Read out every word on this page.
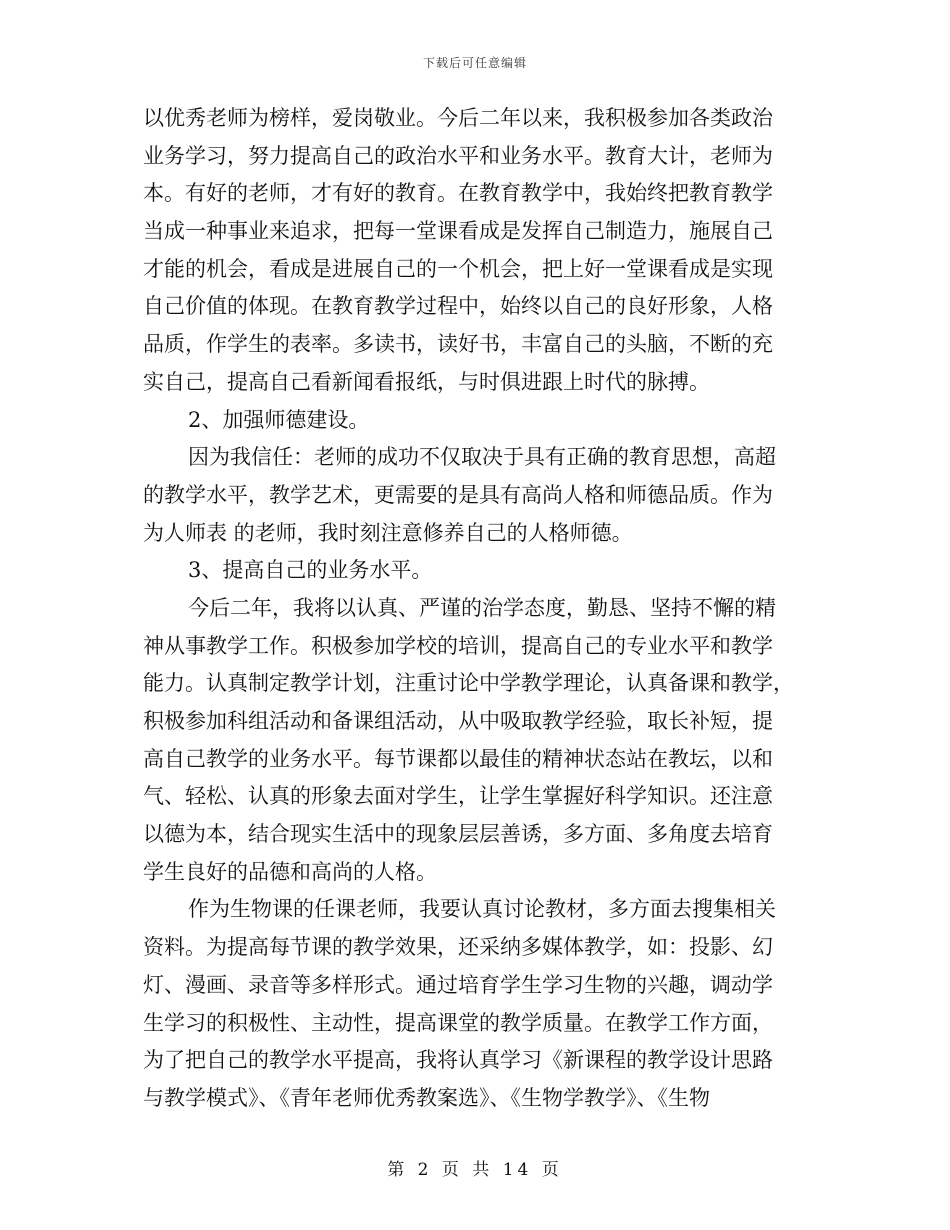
下载后可任意编辑
以优秀老师为榜样，爱岗敬业。今后二年以来，我积极参加各类政治
业务学习，努力提高自己的政治水平和业务水平。教育大计，老师为
本。有好的老师，才有好的教育。在教育教学中，我始终把教育教学
当成一种事业来追求，把每一堂课看成是发挥自己制造力，施展自己
才能的机会，看成是进展自己的一个机会，把上好一堂课看成是实现
自己价值的体现。在教育教学过程中，始终以自己的良好形象，人格
品质，作学生的表率。多读书，读好书，丰富自己的头脑，不断的充
实自己，提高自己看新闻看报纸，与时俱进跟上时代的脉搏。
2、加强师德建设。
因为我信任：老师的成功不仅取决于具有正确的教育思想，高超
的教学水平，教学艺术，更需要的是具有高尚人格和师德品质。作为
为人师表 的老师，我时刻注意修养自己的人格师德。
3、提高自己的业务水平。
今后二年，我将以认真、严谨的治学态度，勤恳、坚持不懈的精
神从事教学工作。积极参加学校的培训，提高自己的专业水平和教学
能力。认真制定教学计划，注重讨论中学教学理论，认真备课和教学，
积极参加科组活动和备课组活动，从中吸取教学经验，取长补短，提
高自己教学的业务水平。每节课都以最佳的精神状态站在教坛，以和
气、轻松、认真的形象去面对学生，让学生掌握好科学知识。还注意
以德为本，结合现实生活中的现象层层善诱，多方面、多角度去培育
学生良好的品德和高尚的人格。
作为生物课的任课老师，我要认真讨论教材，多方面去搜集相关
资料。为提高每节课的教学效果，还采纳多媒体教学，如：投影、幻
灯、漫画、录音等多样形式。通过培育学生学习生物的兴趣，调动学
生学习的积极性、主动性，提高课堂的教学质量。在教学工作方面，
为了把自己的教学水平提高，我将认真学习《新课程的教学设计思路
与教学模式》、《青年老师优秀教案选》、《生物学教学》、《生物
第 2 页 共 14 页
